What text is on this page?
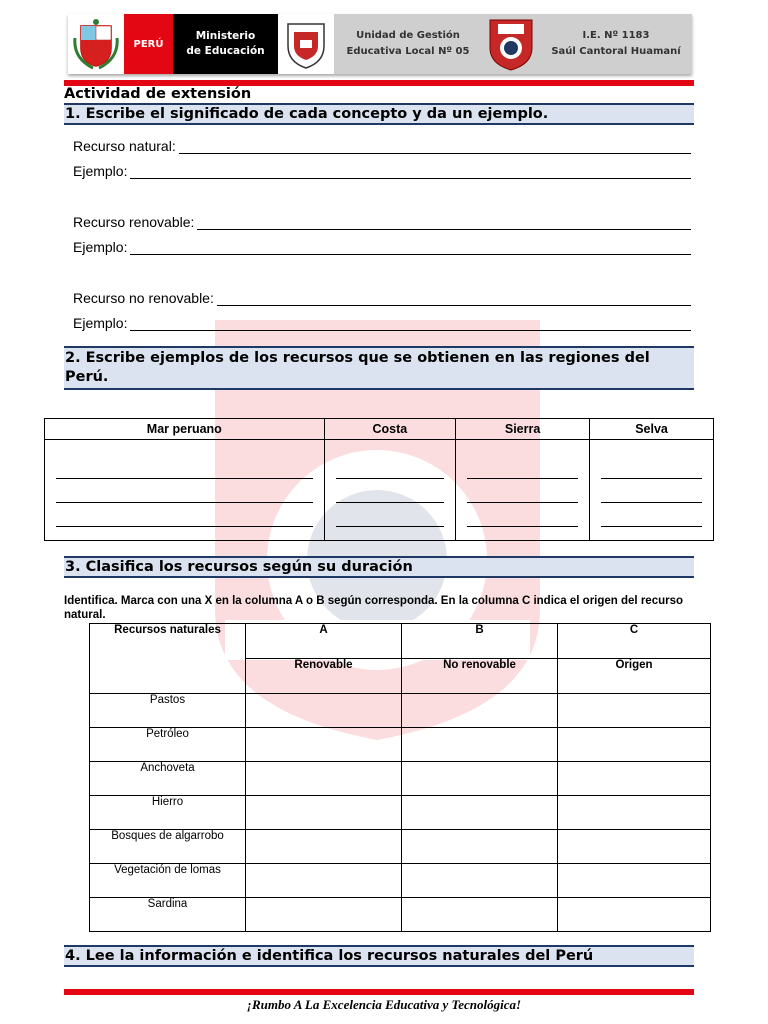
PERÚ
Ministerio
de Educación
Unidad de Gestión
Educativa Local Nº 05
I.E. Nº 1183
Saúl Cantoral Huamaní
Actividad de extensión
1. Escribe el significado de cada concepto y da un ejemplo.
Recurso natural:
Ejemplo:
Recurso renovable:
Ejemplo:
Recurso no renovable:
Ejemplo:
2. Escribe ejemplos de los recursos que se obtienen en las regiones del Perú.
Mar peruano	Costa	Sierra	Selva

3. Clasifica los recursos según su duración
Identifica. Marca con una X en la columna A o B según corresponda. En la columna C indica el origen del recurso natural.
Recursos naturales	A	B	C
	Renovable	No renovable	Origen
Pastos			
Petróleo			
Anchoveta			
Hierro			
Bosques de algarrobo			
Vegetación de lomas			
Sardina			
4. Lee la información e identifica los recursos naturales del Perú
¡Rumbo A La Excelencia Educativa y Tecnológica!
